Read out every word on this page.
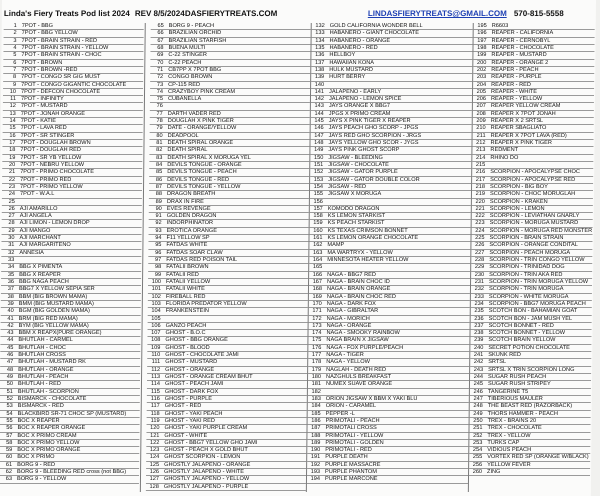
Linda's Fiery Treats Pod list 2024 REV 8/5/2024 DASFIERYTREATS.COM	LINDASFIERYTREATS@GMAIL.COM 570-815-5558
1 7POT - BBG
2 7POT - BBG YELLOW
3 7POT - BRAIN STRAIN - RED
4 7POT - BRAIN STRAIN - YELLOW
5 7POT - BRAIN STRAIN - CHOC
6 7POT - BROWN
7 7POT - BROWN -RED
8 7POT - CONGO SR GIG MUST
9 7POT - CONGO GIGANTIC CHOCOLATE
10 7POT - DEFCON CHOCOLATE
11 7POT - INFINITY
12 7POT - MUSTARD
13 7POT - JONAH ORANGE
14 7POT - KATIE
15 7POT - LAVA RED
16 7POT - SR STINGER
17 7POT - DOUGLAH BROWN
18 7POT - DOUGLAH RED
19 7POT - SR YB YELLOW
20 7POT - NEBRU YELLOW
21 7POT - PRIMO CHOCOLATE
22 7POT - PRIMO RED
23 7POT - PRIMO YELLOW
24 7POT - W.A.L
25
26 AJI AMARILLO
27 AJI ANGELA
28 AJI LIMON - LEMON DROP
29 AJI MANGO
30 AJI MARCHANT
31 AJI MARGARITENO
32 ANNESIA
33
34 BBG X PIMENTA
35 BBG X REAPER
36 BBG NAGA PEACH
37 BBG7 X YELLOW SEPIA SER
38 BBM (BIG BROWN MAMA)
39 BMM (BIG MUSTARD MAMA)
40 BGM (BIG GOLDEN MAMA)
41 BRM (BIG RED MAMA)
42 BYM (BIG YELLOW MAMA)
43 BBM X REAPX(PURE ORANGE)
44 BHUTLAH - CARMEL
45 BHUTLAH - CHOC
46 BHUTLAH CROSS
47 BHUTLAH - MUSTARD RK
48 BHUTLAH - ORANGE
49 BHUTLAH - PEACH
50 BHUTLAH - RED
51 BHUTLAH - SCORPION
52 BISMARCK - CHOCOLATE
53 BISMARCK - RED
54 BLACKBIRD SR-71 CHOC SP (MUSTARD)
55 BOC X REAPER
56 BOC X REAPER ORANGE
57 BOC X PRIMO CREAM
58 BOC X PRIMO YELLOW
59 BOC X PRIMO ORANGE
60 BOC X PRIMO
61 BORG 9 - RED
62 BORG 9 - BLEEDING RED cross (not BBG)
63 BORG 9 - YELLOW
65 BORG 9 - PEACH
66 BRAZILIAN ORCHID
67 BRAZILIAN STARFISH
68 BUENA MULTI
69 C-22 STINGER
70 C-22 PEACH
71 CB7PP X 7POT BBG
72 CONGO BROWN
73 CP-115 RED
74 CRAZYBOY PINK CREAM
75 CUBANELLA
76
77 DARTH VADER RED
78 DOUGLAH X PINK TIGER
79 DATE - ORANGE/YELLOW
80 DEADPOOL
81 DEATH SPIRAL ORANGE
82 DEATH SPIRAL
83 DEATH SPIRAL X MORUGA YEL
84 DEVILS TONGUE - ORANGE
85 DEVILS TONGUE - PEACH
86 DEVILS TONGUE - RED
87 DEVILS TONGUE - YELLOW
88 DRAGON BREATH
89 DRAX IN FIRE
90 EVES REVENGE
91 GOLDEN DRAGON
92 INDORPHINATOR
93 EROTICA ORANGE
94 F11 YELLOW SP
95 FATDAS WHITE
96 FATDAS SOAR CLAW
97 FATDAS RED POISON TAIL
98 FATALII BROWN
99 FATALII RED
100 FATALII YELLOW
101 FATALII WHITE
102 FIREBALL RED
103 FLORIDA PREDATOR YELLOW
104 FRANKENSTEIN
105
106 GANZO PEACH
107 GHOST - B.O.C
108 GHOST - BBG ORANGE
109 GHOST - BLOOD
110 GHOST - CHOCOLATE JAMI
111 GHOST - MUSTARD
112 GHOST - ORANGE
113 GHOST - ORANGE CREAM BHUT
114 GHOST - PEACH JAMI
115 GHOST - DARK FOX
116 GHOST - PURPLE
117 GHOST - RED
118 GHOST - YAKI PEACH
119 GHOST - YAKI RED
120 GHOST - YAKI PURPLE CREAM
121 GHOST - WHITE
122 GHOST - BBG7 YELLOW GHO JAMI
123 GHOST - PEACH X GOLD BHUT
124 GHOST SCORPION - LEMON
125 GHOSTLY JALAPENO - ORANGE
126 GHOSTLY JALAPENO - WHITE
127 GHOSTLY JALAPENO - YELLOW
128 GHOSTLY JALAPENO - PURPLE
132 GOLD CALIFORNIA WONDER BELL
133 HABANERO - GIANT CHOCOLATE
134 HABANERO - ORANGE
135 HABANERO - RED
136 HELLBOY
137 HAWAIIAN KONA
138 HULK MUSTARD
139 HURT BERRY
140
141 JALAPENO - EARLY
142 JALAPENO - LEMON SPICE
143 JAYS ORANGE X BBG7
144 JPGS X PRIMO CREAM
145 JAYS X PINK TIGER X REAPER
146 JAYS PEACH GHO SCORP - JPGS
147 JAYS RED GHO SCORPION - JRGS
148 JAYS YELLOW GHO SCOR - JYGS
149 JAYS PINK GHOST SCORP
150 JIGSAW - BLEEDING
151 JIGSAW - CHOCOLATE
152 JIGSAW - GATOR PURPLE
153 JIGSAW - GATOR DOUBLE COLOR
154 JIGSAW - RED
155 JIGSAW X MORUGA
156
157 KOMODO DRAGON
158 KS LEMON STARKIST
159 KS PEACH STARKIST
160 KS TEXAS CRIMSON BONNET
161 KS LEMON ORANGE CHOCOLATE
162 MAMP
163 MA WARTRYX - YELLOW
164 MINNESOTA HEATER YELLOW
165
166 NAGA - BBG7 RED
167 NAGA - BRAIN CHOC ID
168 NAGA - BRAIN ORANGE
169 NAGA - BRAIN CHOC RED
170 NAGA - DARK FOX
171 NAGA - GIBRALTAR
172 NAGA - MORICH
173 NAGA - ORANGE
174 NAGA - SMOOKY RAINBOW
175 NAGA BRAIN X JIGSAW
176 NAGA - FOX PURPLE/PEACH
177 NAGA - TIGER
178 NAGA - YELLOW
179 NAGLAH - DEATH RED
180 NAZGHULS BREAKFAST
181 NUMEX SUAVE ORANGE
182
183 ORION JIGSAW X BBM X YAKI BLU
184 ORION - CARAMEL
185 PEPPER -L
186 PRIMOTALI - PEACH
187 PRIMOTALI CROSS
188 PRIMOTALI - YELLOW
189 PRIMOTALI - GOLDEN
190 PRIMOTALI - RED
191 PURPLE DEATH
192 PURPLE MASSACRE
193 PURPLE PHANTOM
194 PURPLE MARCONE
195 R6603
196 REAPER - CALIFORNIA
197 REAPER - CERNOBYL
198 REAPER - CHOCOLATE
199 REAPER - MUSTARD
200 REAPER - ORANGE 2
202 REAPER - PEACH
203 REAPER - PURPLE
204 REAPER - RED
205 REAPER - WHITE
206 REAPER - YELLOW
207 REAPER YELLOW CREAM
208 REAPER X 7POT JONAH
209 REAPER X 2 SRTSL
210 REAPER SBAGLIATO
211 REAPER X 7POT LAVA (RED)
212 REAPER X PINK TIGER
213 REDMENT
214 RHINO DO
215
216 SCORPION - APOCALYPSE CHOC
217 SCORPION - APOCALYPSE RED
218 SCORPION - BIG BOY
219 SCORPION - CHOC MORUGLAH
220 SCORPION - KRAKEN
221 SCORPION - LEMON
222 SCORPION - LEVIATHAN GNARLY
223 SCORPION - MORUGA MUSTARD
224 SCORPION - MORUGA RED MONSTER
225 SCORPION - BRAIN STRAIN
226 SCORPION - ORANGE CONDITAL
227 SCORPION - PEACH MORUGA
228 SCORPION - TRIN CONGO YELLOW
229 SCORPION - TRINIDAD DOG
230 SCORPION - TRIN AKA RED
231 SCORPION - TRIN MORUGA YELLOW
232 SCORPION - TRIN MORUGA
233 SCORPION - WHITE MORUGA
234 SCORPION - BBG7 MORUGA PEACH
235 SCOTCH BON - BAHAMIAN GOAT
236 SCOTCH BON - JAM MUSH YEL
237 SCOTCH BONNET - RED
238 SCOTCH BONNET - YELLOW
239 SCOTCH BRAIN YELLOW
240 SECRET POTION CHOCOLATE
241 SKUNK RED
242 SRTSL
243 SRTSL X TRIN SCORPION LONG
244 SUGAR RUSH PEACH
245 SUGAR RUSH STRIPEY
246 TANGERINE T5
247 TIBERIOUS MAULER
248 THE BEAST RED (RAZORBACK)
249 THORS HAMMER - PEACH
250 TREX - BRAINS 20
251 TREX - CHOCOLATE
252 TREX - YELLOW
253 TURKS CAP
254 VIDIOUS PEACH
255 VORTEX RED SP (ORANGE W/BLACK)
256 YELLOW FEVER
260 ZING
